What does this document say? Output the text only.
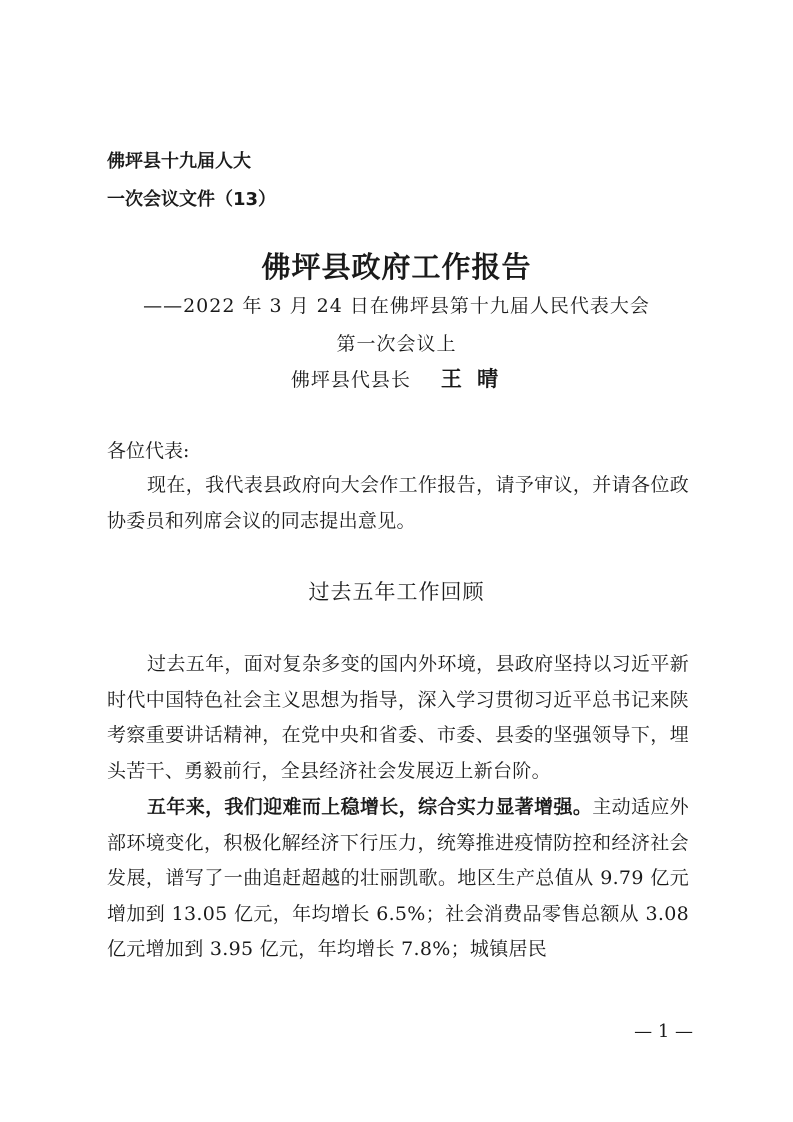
佛坪县十九届人大
一次会议文件（13）
佛坪县政府工作报告
——2022 年 3 月 24 日在佛坪县第十九届人民代表大会
第一次会议上
佛坪县代县长 王 晴
各位代表:
现在，我代表县政府向大会作工作报告，请予审议，并请各位政协委员和列席会议的同志提出意见。
过去五年工作回顾
过去五年，面对复杂多变的国内外环境，县政府坚持以习近平新时代中国特色社会主义思想为指导，深入学习贯彻习近平总书记来陕考察重要讲话精神，在党中央和省委、市委、县委的坚强领导下，埋头苦干、勇毅前行，全县经济社会发展迈上新台阶。
五年来，我们迎难而上稳增长，综合实力显著增强。主动适应外部环境变化，积极化解经济下行压力，统筹推进疫情防控和经济社会发展，谱写了一曲追赶超越的壮丽凯歌。地区生产总值从 9.79 亿元增加到 13.05 亿元，年均增长 6.5%；社会消费品零售总额从 3.08 亿元增加到 3.95 亿元，年均增长 7.8%；城镇居民
— 1 —
